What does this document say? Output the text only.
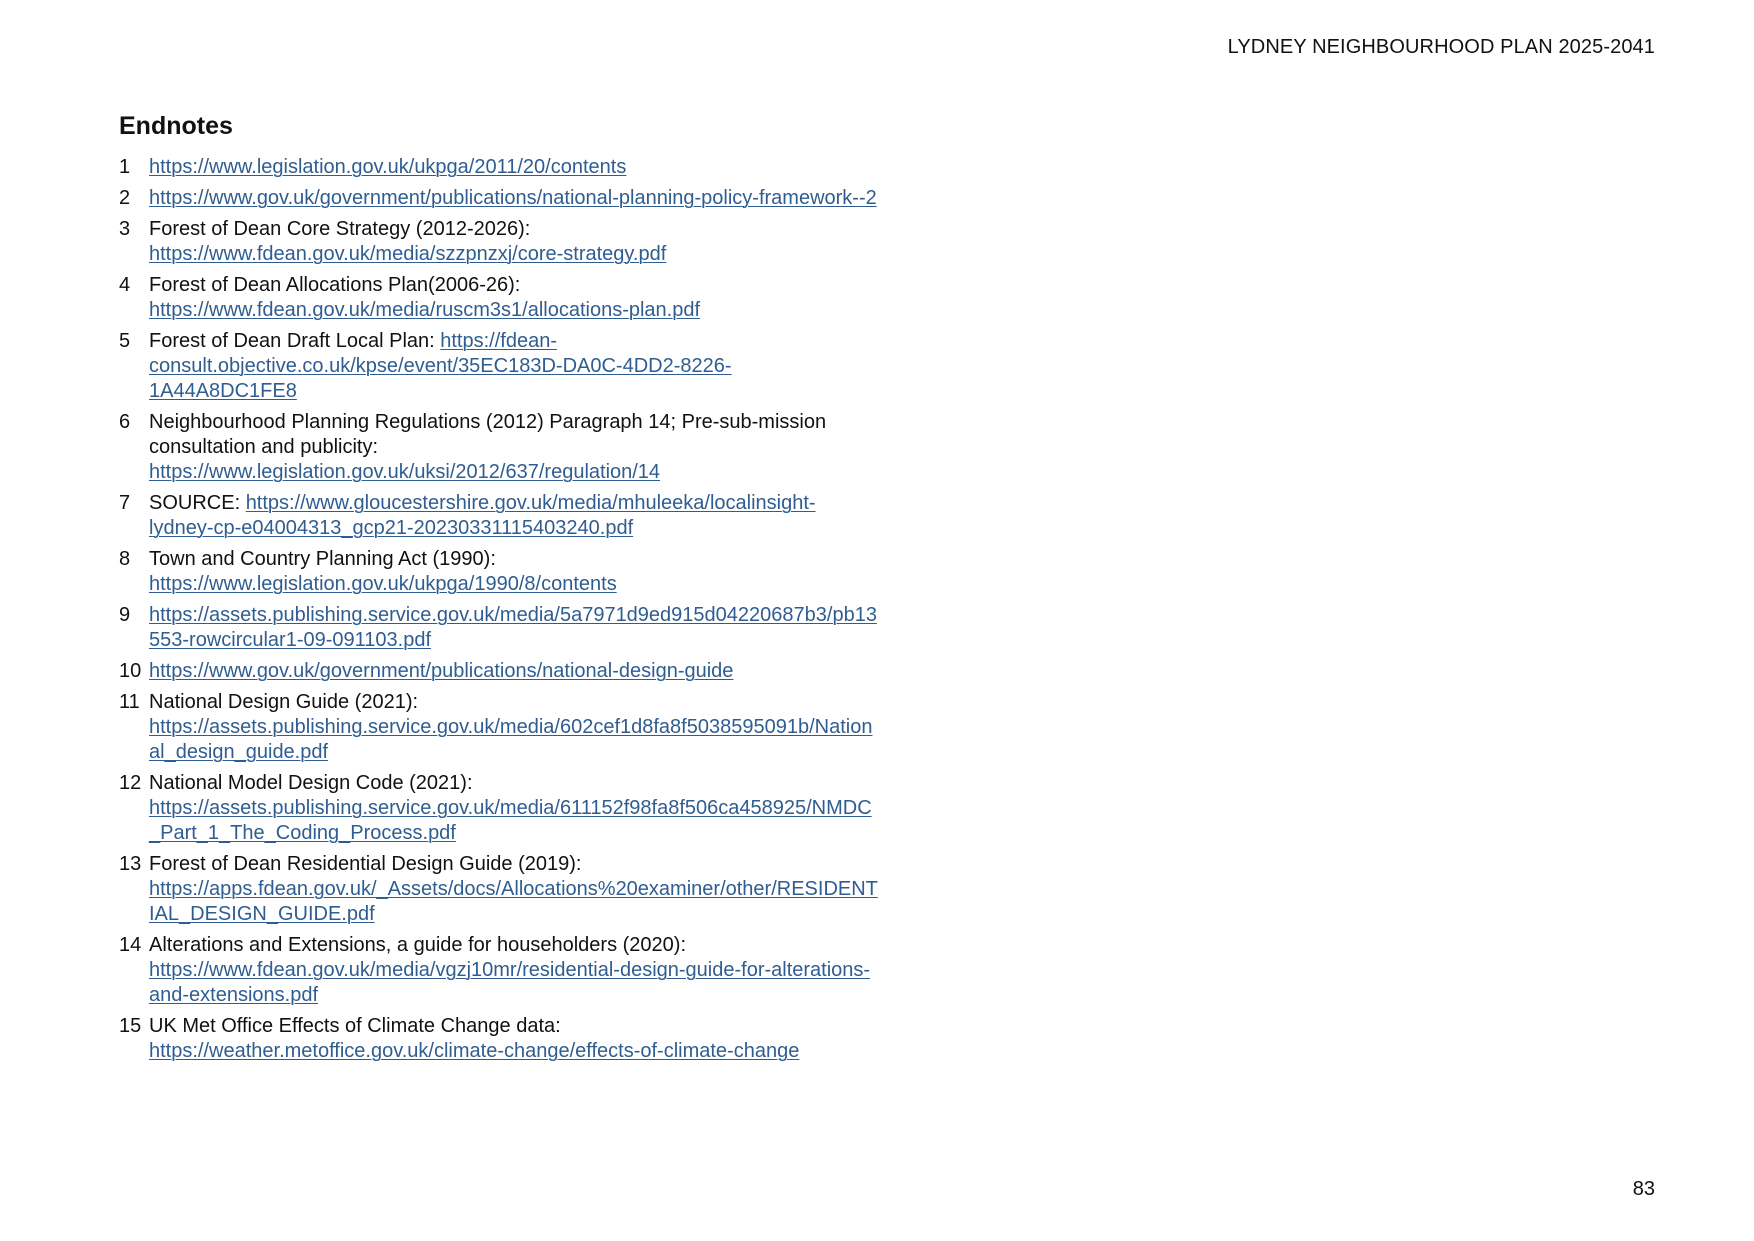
LYDNEY NEIGHBOURHOOD PLAN 2025-2041
Endnotes
1 https://www.legislation.gov.uk/ukpga/2011/20/contents
2 https://www.gov.uk/government/publications/national-planning-policy-framework--2
3 Forest of Dean Core Strategy (2012-2026): https://www.fdean.gov.uk/media/szzpnzxj/core-strategy.pdf
4 Forest of Dean Allocations Plan(2006-26): https://www.fdean.gov.uk/media/ruscm3s1/allocations-plan.pdf
5 Forest of Dean Draft Local Plan: https://fdean-consult.objective.co.uk/kpse/event/35EC183D-DA0C-4DD2-8226-1A44A8DC1FE8
6 Neighbourhood Planning Regulations (2012) Paragraph 14; Pre-sub-mission consultation and publicity: https://www.legislation.gov.uk/uksi/2012/637/regulation/14
7 SOURCE: https://www.gloucestershire.gov.uk/media/mhuleeka/localinsight-lydney-cp-e04004313_gcp21-20230331115403240.pdf
8 Town and Country Planning Act (1990): https://www.legislation.gov.uk/ukpga/1990/8/contents
9 https://assets.publishing.service.gov.uk/media/5a7971d9ed915d04220687b3/pb13553-rowcircular1-09-091103.pdf
10 https://www.gov.uk/government/publications/national-design-guide
11 National Design Guide (2021): https://assets.publishing.service.gov.uk/media/602cef1d8fa8f5038595091b/National_design_guide.pdf
12 National Model Design Code (2021): https://assets.publishing.service.gov.uk/media/611152f98fa8f506ca458925/NMDC_Part_1_The_Coding_Process.pdf
13 Forest of Dean Residential Design Guide (2019): https://apps.fdean.gov.uk/_Assets/docs/Allocations%20examiner/other/RESIDENTIAL_DESIGN_GUIDE.pdf
14 Alterations and Extensions, a guide for householders (2020): https://www.fdean.gov.uk/media/vgzj10mr/residential-design-guide-for-alterations-and-extensions.pdf
15 UK Met Office Effects of Climate Change data: https://weather.metoffice.gov.uk/climate-change/effects-of-climate-change
83
